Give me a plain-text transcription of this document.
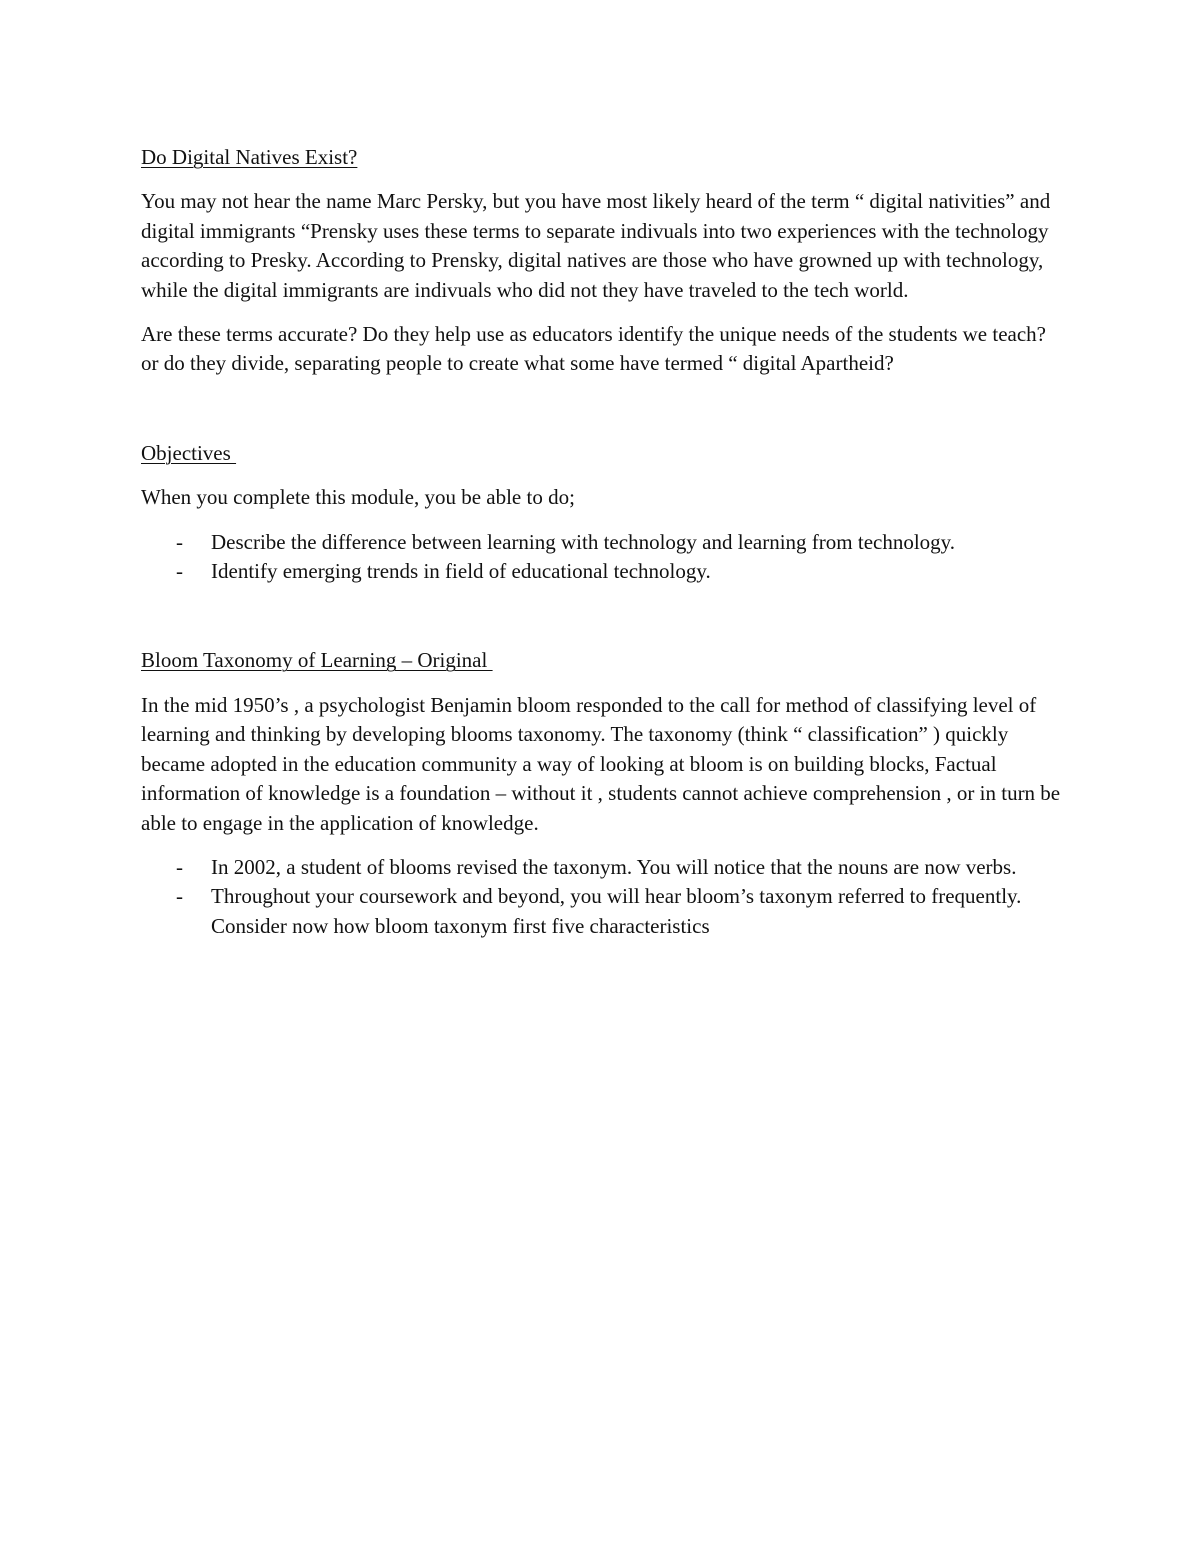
Do Digital Natives Exist?

You may not hear the name Marc Persky, but you have most likely heard of the term “ digital nativities” and digital immigrants “Prensky uses these terms to separate indivuals into two experiences with the technology according to Presky. According to Prensky, digital natives are those who have growned up with technology, while the digital immigrants are indivuals who did not they have traveled to the tech world.

Are these terms accurate? Do they help use as educators identify the unique needs of the students we teach? or do they divide, separating people to create what some have termed “ digital Apartheid?

Objectives

When you complete this module, you be able to do;

- Describe the difference between learning with technology and learning from technology.
- Identify emerging trends in field of educational technology.
Bloom Taxonomy of Learning – Original

In the mid 1950’s , a psychologist Benjamin bloom responded to the call for method of classifying level of learning and thinking by developing blooms taxonomy. The taxonomy (think “ classification” ) quickly became adopted in the education community a way of looking at bloom is on building blocks, Factual information of knowledge is a foundation – without it , students cannot achieve comprehension , or in turn be able to engage in the application of knowledge.

- In 2002, a student of blooms revised the taxonym. You will notice that the nouns are now verbs.
- Throughout your coursework and beyond, you will hear bloom’s taxonym referred to frequently. Consider now how bloom taxonym first five characteristics
